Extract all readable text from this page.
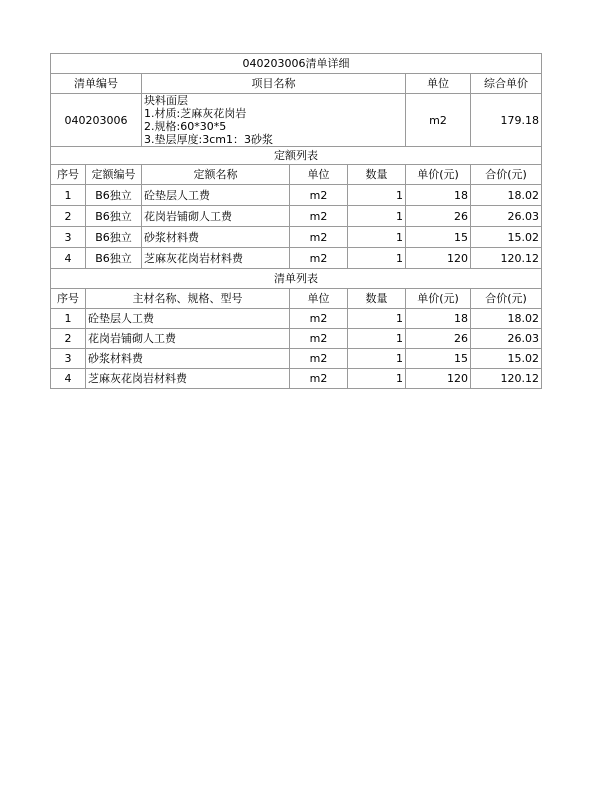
040203006清单详细						
清单编号		项目名称			单位	综合单价
040203006		块料面层
1.材质:芝麻灰花岗岩
2.规格:60*30*5
3.垫层厚度:3cm1：3砂浆			m2	179.18
定额列表						
序号	定额编号	定额名称	单位	数量	单价(元)	合价(元)
1	B6独立	砼垫层人工费	m2	1	18	18.02
2	B6独立	花岗岩铺砌人工费	m2	1	26	26.03
3	B6独立	砂浆材料费	m2	1	15	15.02
4	B6独立	芝麻灰花岗岩材料费	m2	1	120	120.12
清单列表						
序号	主材名称、规格、型号		单位	数量	单价(元)	合价(元)
1	砼垫层人工费		m2	1	18	18.02
2	花岗岩铺砌人工费		m2	1	26	26.03
3	砂浆材料费		m2	1	15	15.02
4	芝麻灰花岗岩材料费		m2	1	120	120.12
